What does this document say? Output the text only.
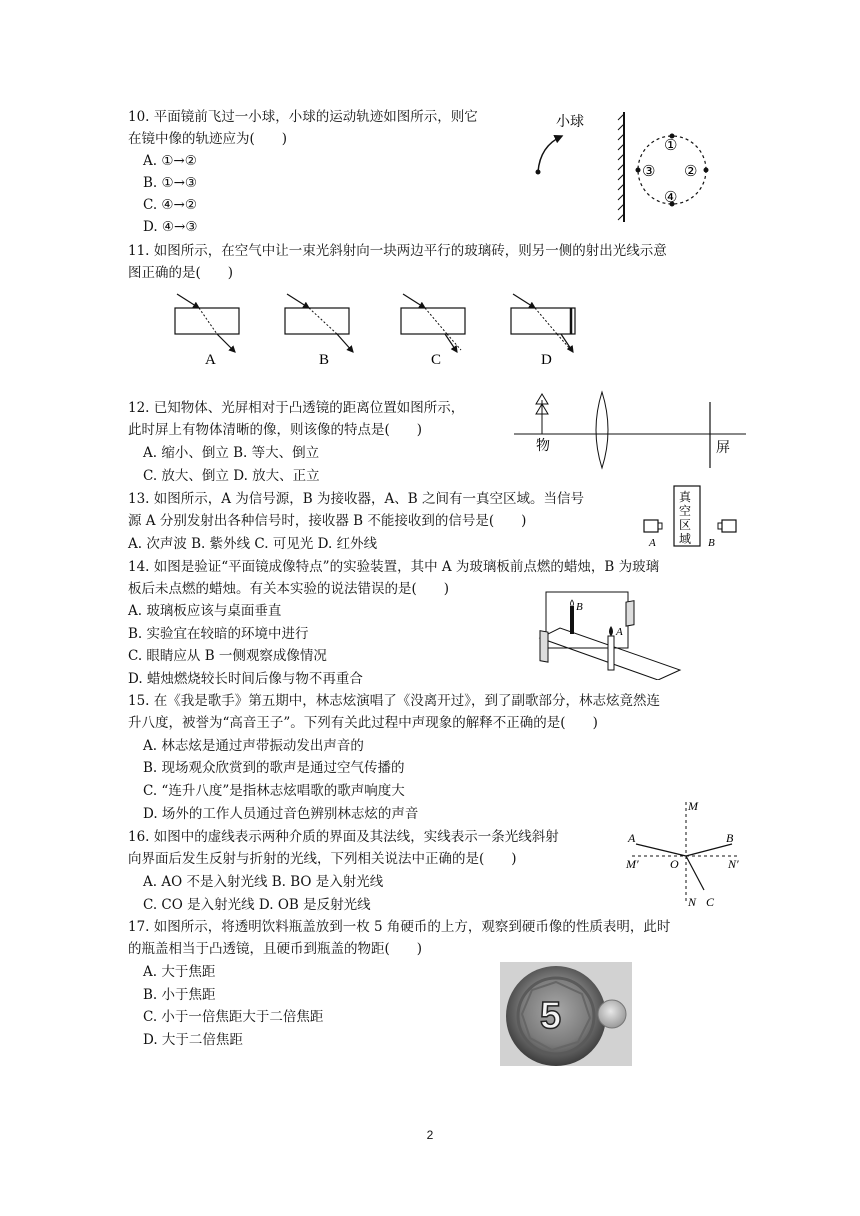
10. 平面镜前飞过一小球，小球的运动轨迹如图所示，则它
在镜中像的轨迹应为(　　)
A. ①→②
B. ①→③
C. ④→②
D. ④→③
小球
①
②
③
④
11. 如图所示，在空气中让一束光斜射向一块两边平行的玻璃砖，则另一侧的射出光线示意
图正确的是(　　)
A	B	C	D
12. 已知物体、光屏相对于凸透镜的距离位置如图所示，
此时屏上有物体清晰的像，则该像的特点是(　　)
A. 缩小、倒立 B. 等大、倒立
C. 放大、倒立 D. 放大、正立
物	屏
13. 如图所示，A 为信号源，B 为接收器，A、B 之间有一真空区域。当信号
源 A 分别发射出各种信号时，接收器 B 不能接收到的信号是(　　)
A. 次声波 B. 紫外线 C. 可见光 D. 红外线
真
空
区
域
A	B
14. 如图是验证“平面镜成像特点”的实验装置，其中 A 为玻璃板前点燃的蜡烛，B 为玻璃
板后未点燃的蜡烛。有关本实验的说法错误的是(　　)
A. 玻璃板应该与桌面垂直
B. 实验宜在较暗的环境中进行
C. 眼睛应从 B 一侧观察成像情况
D. 蜡烛燃烧较长时间后像与物不再重合
B
A
15. 在《我是歌手》第五期中，林志炫演唱了《没离开过》，到了副歌部分，林志炫竟然连
升八度，被誉为“高音王子”。下列有关此过程中声现象的解释不正确的是(　　)
A. 林志炫是通过声带振动发出声音的
B. 现场观众欣赏到的歌声是通过空气传播的
C. “连升八度”是指林志炫唱歌的歌声响度大
D. 场外的工作人员通过音色辨别林志炫的声音
16. 如图中的虚线表示两种介质的界面及其法线，实线表示一条光线斜射
向界面后发生反射与折射的光线，下列相关说法中正确的是(　　)
A. AO 不是入射光线 B. BO 是入射光线
C. CO 是入射光线 D. OB 是反射光线
M
A	B
M′	O	N′
N C
17. 如图所示，将透明饮料瓶盖放到一枚 5 角硬币的上方，观察到硬币像的性质表明，此时
的瓶盖相当于凸透镜，且硬币到瓶盖的物距(　　)
A. 大于焦距
B. 小于焦距
C. 小于一倍焦距大于二倍焦距
D. 大于二倍焦距
5
2
